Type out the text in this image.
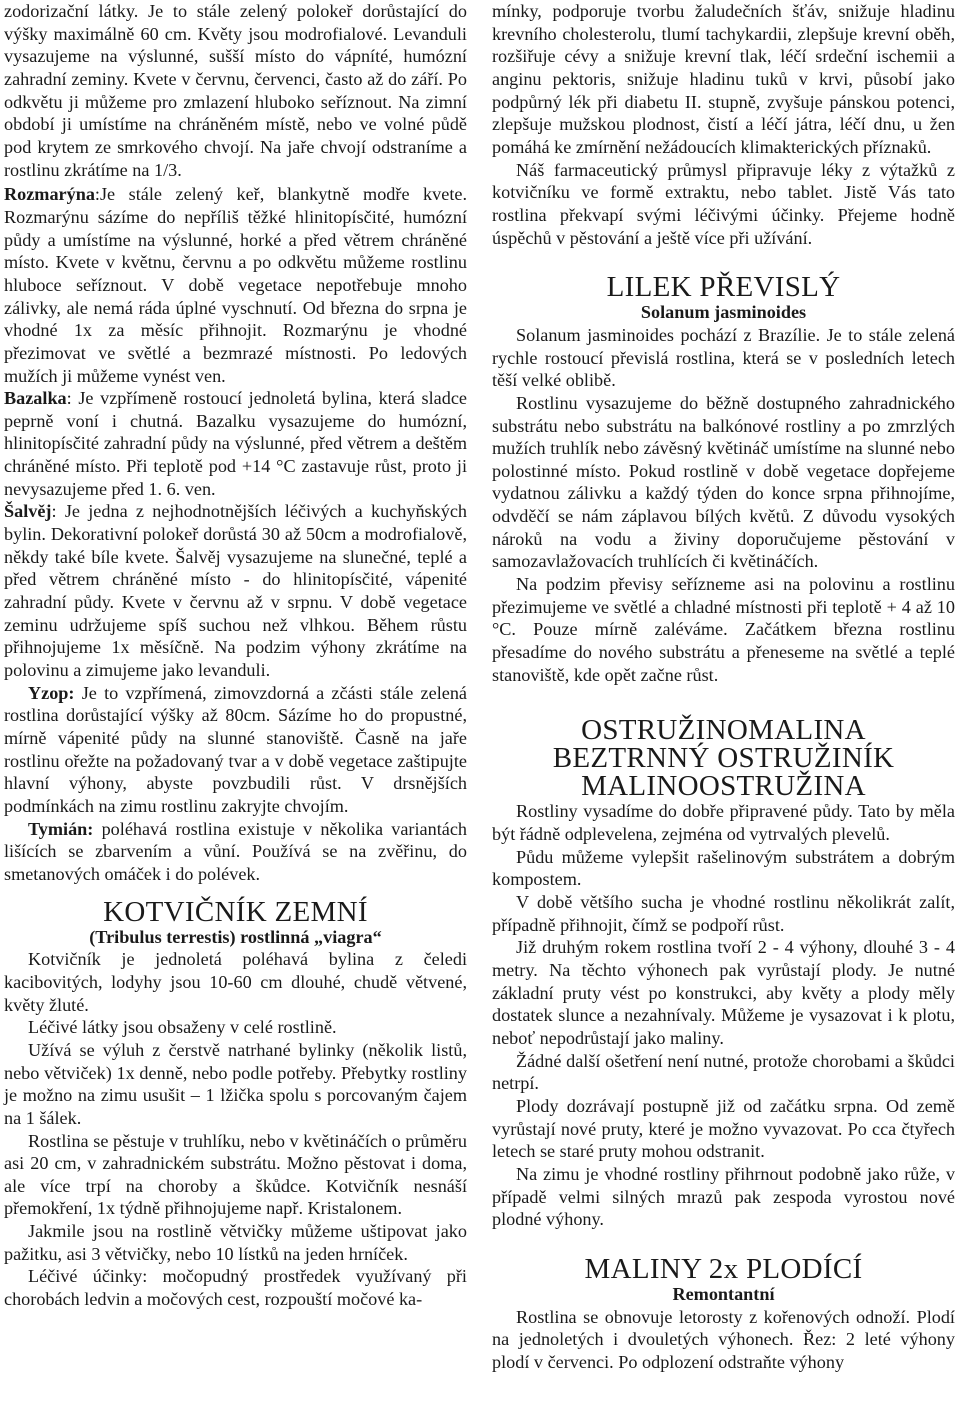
zodorizační látky. Je to stále zelený polokeř dorůstající do výšky maximálně 60 cm. Květy jsou modrofialové. Levanduli vysazujeme na výslunné, sušší místo do vápníté, humózní zahradní zeminy. Kvete v červnu, červenci, často až do září. Po odkvětu ji můžeme pro zmlazení hluboko seříznout. Na zimní období ji umístíme na chráněném místě, nebo ve volné půdě pod krytem ze smrkového chvojí. Na jaře chvojí odstraníme a rostlinu zkrátíme na 1/3.

Rozmarýna:Je stále zelený keř, blankytně modře kvete. Rozmarýnu sázíme do nepříliš těžké hlinitopísčité, humózní půdy a umístíme na výslunné, horké a před větrem chráněné místo. Kvete v květnu, červnu a po odkvětu můžeme rostlinu hluboce seříznout. V době vegetace nepotřebuje mnoho zálivky, ale nemá ráda úplné vyschnutí. Od března do srpna je vhodné 1x za měsíc přihnojit. Rozmarýnu je vhodné přezimovat ve světlé a bezmrazé místnosti. Po ledových mužích ji můžeme vynést ven.

Bazalka: Je vzpřímeně rostoucí jednoletá bylina, která sladce peprně voní i chutná. Bazalku vysazujeme do humózní, hlinitopísčité zahradní půdy na výslunné, před větrem a deštěm chráněné místo. Při teplotě pod +14 °C zastavuje růst, proto ji nevysazujeme před 1. 6. ven.

Šalvěj: Je jedna z nejhodnotnějších léčivých a kuchyňských bylin. Dekorativní polokeř dorůstá 30 až 50cm a modrofialově, někdy také bíle kvete. Šalvěj vysazujeme na slunečné, teplé a před větrem chráněné místo - do hlinitopísčité, vápenité zahradní půdy. Kvete v červnu až v srpnu. V době vegetace zeminu udržujeme spíš suchou než vlhkou. Během růstu přihnojujeme 1x měsíčně. Na podzim výhony zkrátíme na polovinu a zimujeme jako levanduli.

Yzop: Je to vzpřímená, zimovzdorná a zčásti stále zelená rostlina dorůstající výšky až 80cm. Sázíme ho do propustné, mírně vápenité půdy na slunné stanoviště. Časně na jaře rostlinu ořežte na požadovaný tvar a v době vegetace zaštipujte hlavní výhony, abyste povzbudili růst. V drsnějších podmínkách na zimu rostlinu zakryjte chvojím.

Tymián: poléhavá rostlina existuje v několika variantách lišících se zbarvením a vůní. Používá se na zvěřinu, do smetanových omáček i do polévek.

KOTVIČNÍK ZEMNÍ
(Tribulus terrestis) rostlinná „viagra“

Kotvičník je jednoletá poléhavá bylina z čeledi kacibovitých, lodyhy jsou 10-60 cm dlouhé, chudě větvené, květy žluté.

Léčivé látky jsou obsaženy v celé rostlině.

Užívá se výluh z čerstvě natrhané bylinky (několik listů, nebo větviček) 1x denně, nebo podle potřeby. Přebytky rostliny je možno na zimu usušit – 1 lžička spolu s porcovaným čajem na 1 šálek.

Rostlina se pěstuje v truhlíku, nebo v květináčích o průměru asi 20 cm, v zahradnickém substrátu. Možno pěstovat i doma, ale více trpí na choroby a škůdce. Kotvičník nesnáší přemokření, 1x týdně přihnojujeme např. Kristalonem.

Jakmile jsou na rostlině větvičky můžeme uštipovat jako pažitku, asi 3 větvičky, nebo 10 lístků na jeden hrníček.

Léčivé účinky: močopudný prostředek využívaný při chorobách ledvin a močových cest, rozpouští močové ka-

mínky, podporuje tvorbu žaludečních šťáv, snižuje hladinu krevního cholesterolu, tlumí tachykardii, zlepšuje krevní oběh, rozšiřuje cévy a snižuje krevní tlak, léčí srdeční ischemii a anginu pektoris, snižuje hladinu tuků v krvi, působí jako podpůrný lék při diabetu II. stupně, zvyšuje pánskou potenci, zlepšuje mužskou plodnost, čistí a léčí játra, léčí dnu, u žen pomáhá ke zmírnění nežádoucích klimakterických příznaků.

Náš farmaceutický průmysl připravuje léky z výtažků z kotvičníku ve formě extraktu, nebo tablet. Jistě Vás tato rostlina překvapí svými léčivými účinky. Přejeme hodně úspěchů v pěstování a ještě více při užívání.

LILEK PŘEVISLÝ
Solanum jasminoides

Solanum jasminoides pochází z Brazílie. Je to stále zelená rychle rostoucí převislá rostlina, která se v posledních letech těší velké oblibě.

Rostlinu vysazujeme do běžně dostupného zahradnického substrátu nebo substrátu na balkónové rostliny a po zmrzlých mužích truhlík nebo závěsný květináč umístíme na slunné nebo polostinné místo. Pokud rostlině v době vegetace dopřejeme vydatnou zálivku a každý týden do konce srpna přihnojíme, odvděčí se nám záplavou bílých květů. Z důvodu vysokých nároků na vodu a živiny doporučujeme pěstování v samozavlažovacích truhlících či květináčích.

Na podzim převisy seřízneme asi na polovinu a rostlinu přezimujeme ve světlé a chladné místnosti při teplotě + 4 až 10 °C. Pouze mírně zaléváme. Začátkem března rostlinu přesadíme do nového substrátu a přeneseme na světlé a teplé stanoviště, kde opět začne růst.

OSTRUŽINOMALINA
BEZTRNNÝ OSTRUŽINÍK
MALINOOSTRUŽINA

Rostliny vysadíme do dobře připravené půdy. Tato by měla být řádně odplevelena, zejména od vytrvalých plevelů.

Půdu můžeme vylepšit rašelinovým substrátem a dobrým kompostem.

V době většího sucha je vhodné rostlinu několikrát zalít, případně přihnojit, čímž se podpoří růst.

Již druhým rokem rostlina tvoří 2 - 4 výhony, dlouhé 3 - 4 metry. Na těchto výhonech pak vyrůstají plody. Je nutné základní pruty vést po konstrukci, aby květy a plody měly dostatek slunce a nezahnívaly. Můžeme je vysazovat i k plotu, neboť nepodrůstají jako maliny.

Žádné další ošetření není nutné, protože chorobami a škůdci netrpí.

Plody dozrávají postupně již od začátku srpna. Od země vyrůstají nové pruty, které je možno vyvazovat. Po cca čtyřech letech se staré pruty mohou odstranit.

Na zimu je vhodné rostliny přihrnout podobně jako růže, v případě velmi silných mrazů pak zespoda vyrostou nové plodné výhony.

MALINY 2x PLODÍCÍ
Remontantní

Rostlina se obnovuje letorosty z kořenových odnoží. Plodí na jednoletých i dvouletých výhonech. Řez: 2 leté výhony plodí v červenci. Po odplození odstraňte výhony
